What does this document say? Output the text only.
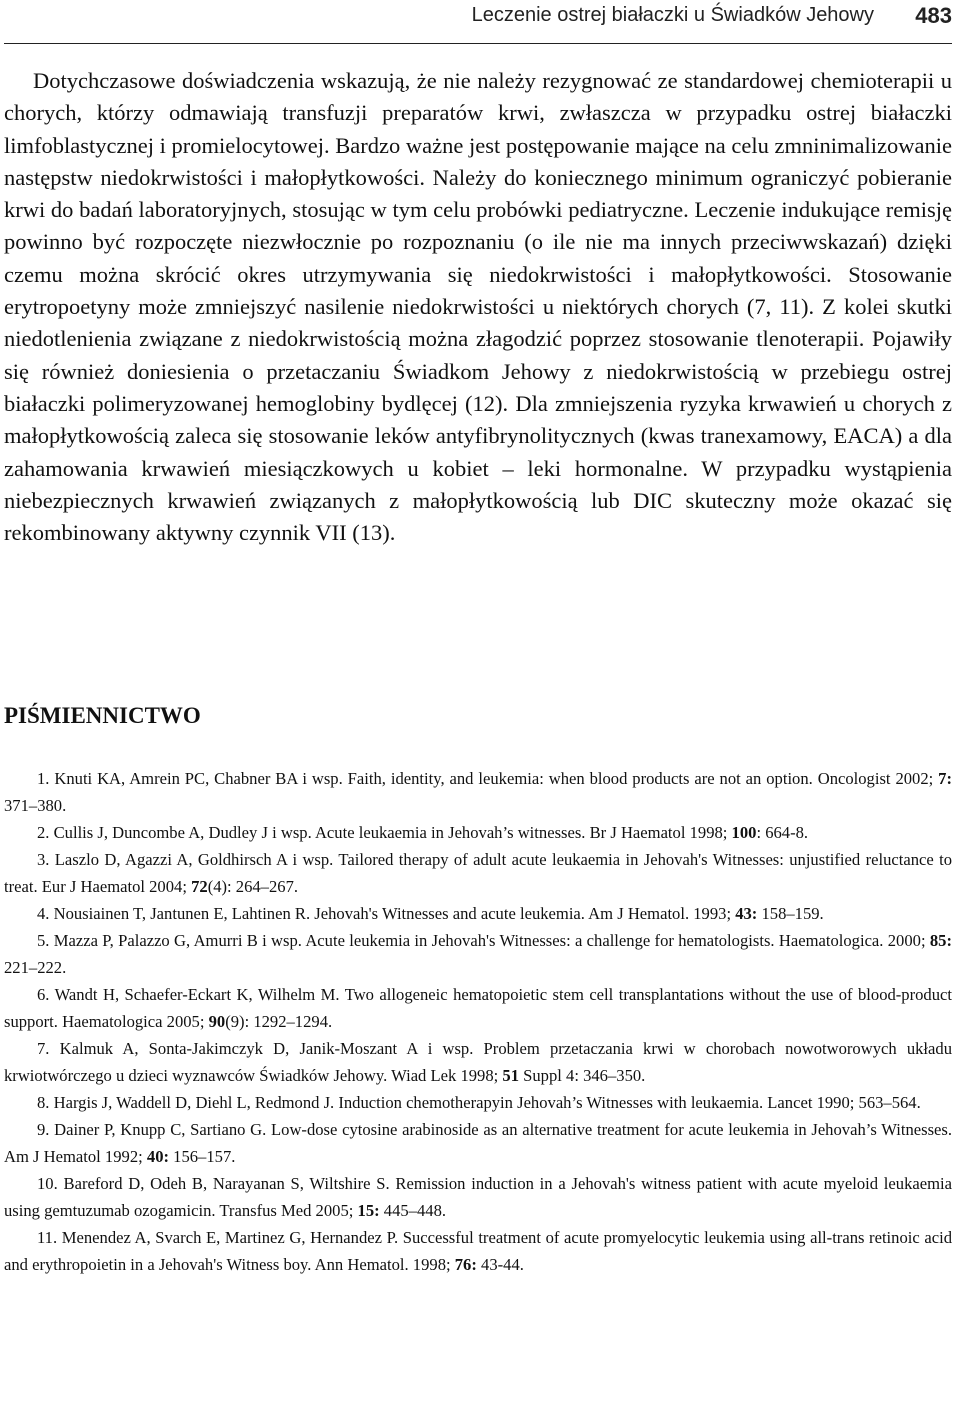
Leczenie ostrej białaczki u Świadków Jehowy 483

Dotychczasowe doświadczenia wskazują, że nie należy rezygnować ze standardowej chemioterapii u chorych, którzy odmawiają transfuzji preparatów krwi, zwłaszcza w przypadku ostrej białaczki limfoblastycznej i promielocytowej. Bardzo ważne jest postępowanie mające na celu zmninimalizowanie następstw niedokrwistości i małopłytkowości. Należy do koniecznego minimum ograniczyć pobieranie krwi do badań laboratoryjnych, stosując w tym celu probówki pediatryczne. Leczenie indukujące remisję powinno być rozpoczęte niezwłocznie po rozpoznaniu (o ile nie ma innych przeciwwskazań) dzięki czemu można skrócić okres utrzymywania się niedokrwistości i małopłytkowości. Stosowanie erytropoetyny może zmniejszyć nasilenie niedokrwistości u niektórych chorych (7, 11). Z kolei skutki niedotlenienia związane z niedokrwistością można złagodzić poprzez stosowanie tlenoterapii. Pojawiły się również doniesienia o przetaczaniu Świadkom Jehowy z niedokrwistością w przebiegu ostrej białaczki polimeryzowanej hemoglobiny bydlęcej (12). Dla zmniejszenia ryzyka krwawień u chorych z małopłytkowością zaleca się stosowanie leków antyfibrynolitycznych (kwas tranexamowy, EACA) a dla zahamowania krwawień miesiączkowych u kobiet – leki hormonalne. W przypadku wystąpienia niebezpiecznych krwawień związanych z małopłytkowością lub DIC skuteczny może okazać się rekombinowany aktywny czynnik VII (13).

PIŚMIENNICTWO
1. Knuti KA, Amrein PC, Chabner BA i wsp. Faith, identity, and leukemia: when blood products are not an option. Oncologist 2002; 7: 371–380.
2. Cullis J, Duncombe A, Dudley J i wsp. Acute leukaemia in Jehovah’s witnesses. Br J Haematol 1998; 100: 664-8.
3. Laszlo D, Agazzi A, Goldhirsch A i wsp. Tailored therapy of adult acute leukaemia in Jehovah's Witnesses: unjustified reluctance to treat. Eur J Haematol 2004; 72(4): 264–267.
4. Nousiainen T, Jantunen E, Lahtinen R. Jehovah's Witnesses and acute leukemia. Am J Hematol. 1993; 43: 158–159.
5. Mazza P, Palazzo G, Amurri B i wsp. Acute leukemia in Jehovah's Witnesses: a challenge for hematologists. Haematologica. 2000; 85: 221–222.
6. Wandt H, Schaefer-Eckart K, Wilhelm M. Two allogeneic hematopoietic stem cell transplantations without the use of blood-product support. Haematologica 2005; 90(9): 1292–1294.
7. Kalmuk A, Sonta-Jakimczyk D, Janik-Moszant A i wsp. Problem przetaczania krwi w chorobach nowotworowych układu krwiotwórczego u dzieci wyznawców Świadków Jehowy. Wiad Lek 1998; 51 Suppl 4: 346–350.
8. Hargis J, Waddell D, Diehl L, Redmond J. Induction chemotherapyin Jehovah’s Witnesses with leukaemia. Lancet 1990; 563–564.
9. Dainer P, Knupp C, Sartiano G. Low-dose cytosine arabinoside as an alternative treatment for acute leukemia in Jehovah’s Witnesses. Am J Hematol 1992; 40: 156–157.
10. Bareford D, Odeh B, Narayanan S, Wiltshire S. Remission induction in a Jehovah's witness patient with acute myeloid leukaemia using gemtuzumab ozogamicin. Transfus Med 2005; 15: 445–448.
11. Menendez A, Svarch E, Martinez G, Hernandez P. Successful treatment of acute promyelocytic leukemia using all-trans retinoic acid and erythropoietin in a Jehovah's Witness boy. Ann Hematol. 1998; 76: 43-44.
